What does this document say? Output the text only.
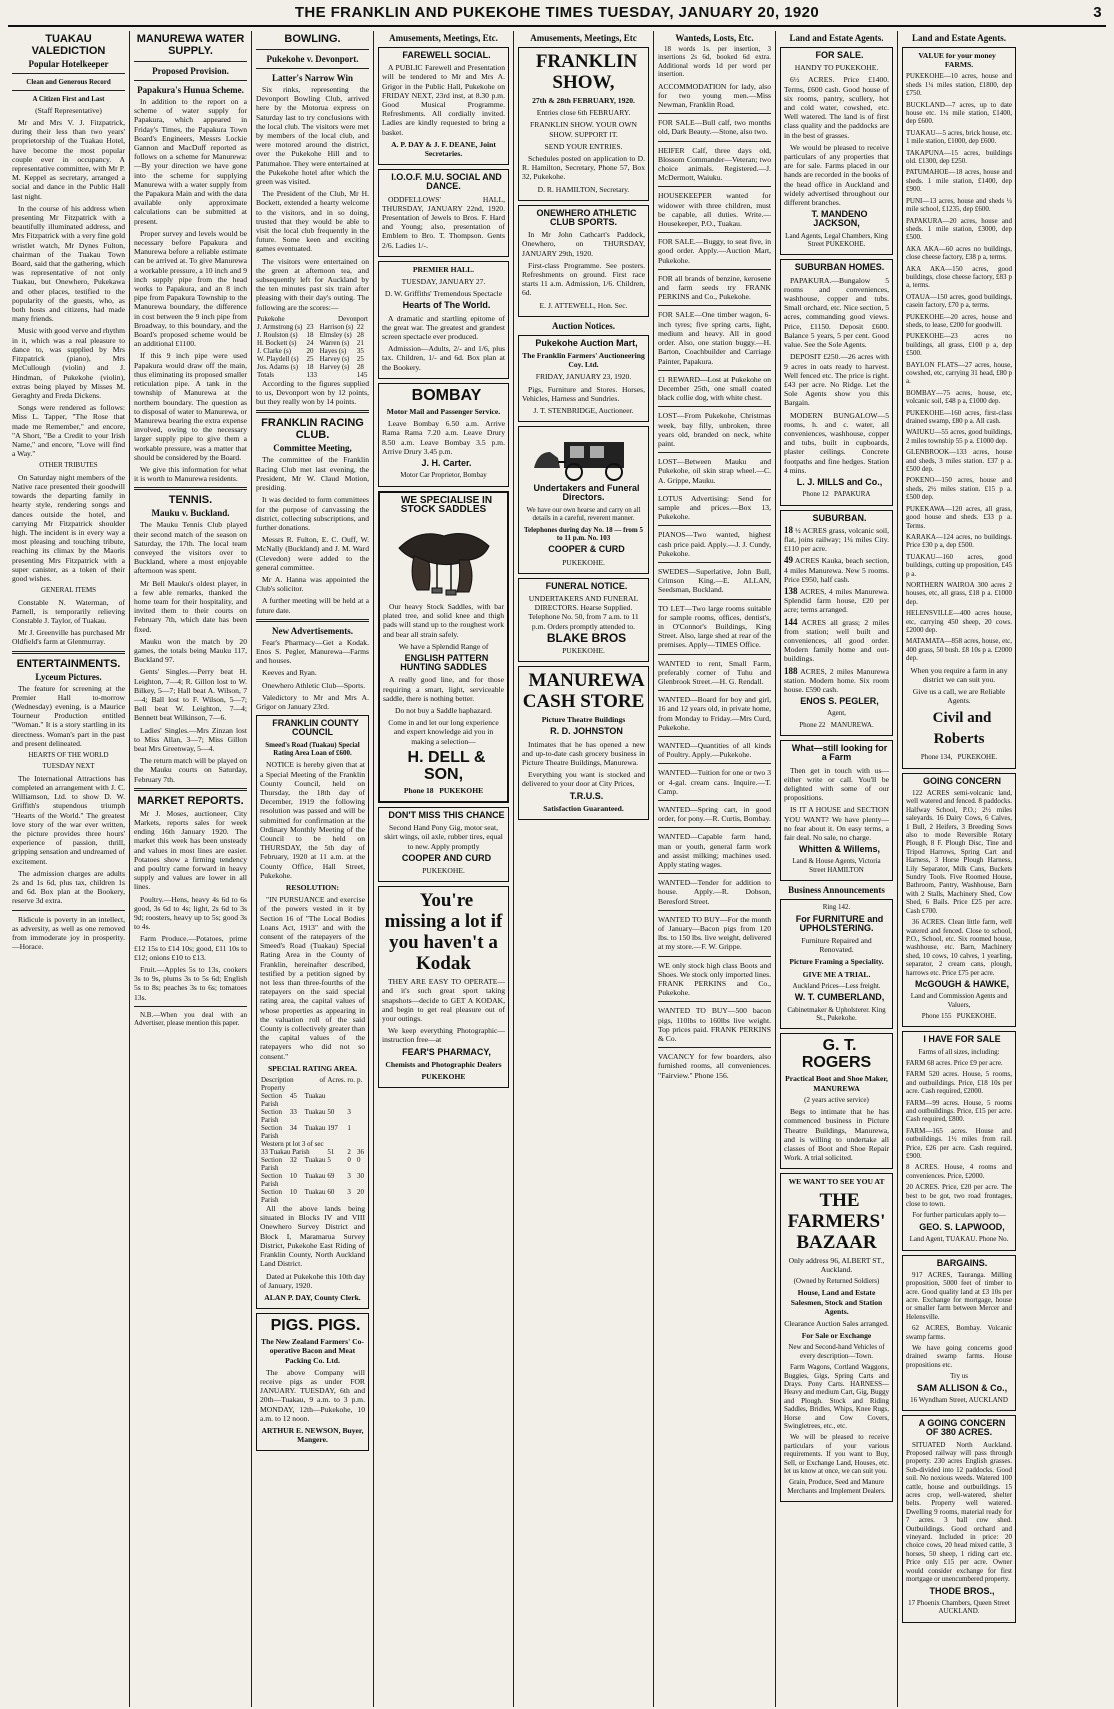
THE FRANKLIN AND PUKEKOHE TIMES TUESDAY, JANUARY 20, 1920	3
TUAKAU VALEDICTION
Popular Hotelkeeper
Clean and Generous Record
A Citizen First and Last

(Staff Representative)

Mr and Mrs V. J. Fitzpatrick, during their less than two years' proprietorship of the Tuakau Hotel, have become the most popular couple ever in occupancy. A representative committee, with Mr P. M. Keppel as secretary, arranged a social and dance in the Public Hall last night.

In the course of his address when presenting Mr Fitzpatrick with a beautifully illuminated address, and Mrs Fitzpatrick with a very fine gold wristlet watch, Mr Dynes Fulton, chairman of the Tuakau Town Board, said that the gathering, which was representative of not only Tuakau, but Onewhero, Pukekawa and other places, testified to the popularity of the guests, who, as both hosts and citizens, had made many friends.

Music with good verve and rhythm in it, which was a real pleasure to dance to, was supplied by Mrs Fitzpatrick (piano), Mrs McCullough (violin) and J. Hindman, of Pukekohe (violin), extras being played by Misses M. Geraghty and Freda Dickens.

Songs were rendered as follows: Miss L. Tapper, "The Rose that made me Remember," and encore, "A Short, "Be a Credit to your Irish Name," and encore, "Love will find a Way."

OTHER TRIBUTES

On Saturday night members of the Native race presented their goodwill towards the departing family in hearty style, rendering songs and dances outside the hotel, and carrying Mr Fitzpatrick shoulder high. The incident is in every way a most pleasing and touching tribute, reaching its climax by the Maoris presenting Mrs Fitzpatrick with a super canister, as a token of their good wishes.

GENERAL ITEMS

Constable N. Waterman, of Parnell, is temporarily relieving Constable J. Taylor, of Tuakau.

Mr J. Greenville has purchased Mr Oldfield's farm at Glenmurray.

ENTERTAINMENTS.
Lyceum Pictures.

The feature for screening at the Premier Hall to-morrow (Wednesday) evening, is a Maurice Tourneur Production entitled "Woman." It is a story startling in its directness. Woman's part in the past and present delineated.

HEARTS OF THE WORLD

TUESDAY NEXT

The International Attractions has completed an arrangement with J. C. Williamson, Ltd. to show D. W. Griffith's stupendous triumph "Hearts of the World." The greatest love story of the war ever written, the picture provides three hours' experience of passion, thrill, gripping sensation and undreamed of excitement.

The admission charges are adults 2s and 1s 6d, plus tax, children 1s and 6d. Box plan at the Bookery, reserve 3d extra.

Ridicule is poverty in an intellect, as adversity, as well as one removed from immoderate joy in prosperity.—Horace.

MANUREWA WATER SUPPLY.
Proposed Provision.
Papakura's Hunua Scheme.

In addition to the report on a scheme of water supply for Papakura, which appeared in Friday's Times, the Papakura Town Board's Engineers, Messrs Lockie Gannon and MacDuff reported as follows on a scheme for Manurewa:—By your direction we have gone into the scheme for supplying Manurewa with a water supply from the Papakura Main and with the data available only approximate calculations can be submitted at present.

Proper survey and levels would be necessary before Papakura and Manurewa before a reliable estimate can be arrived at. To give Manurewa a workable pressure, a 10 inch and 9 inch supply pipe from the head works to Papakura, and an 8 inch pipe from Papakura Township to the Manurewa boundary, the difference in cost between the 9 inch pipe from Broadway, to this boundary, and the Board's proposed scheme would be an additional £1100.

If this 9 inch pipe were used Papakura would draw off the main, thus eliminating its proposed smaller reticulation pipe. A tank in the township of Manurewa at the northern boundary. The question as to disposal of water to Manurewa, or Manurewa bearing the extra expense involved, owing to the necessary larger supply pipe to give them a workable pressure, was a matter that should be considered by the Board.

We give this information for what it is worth to Manurewa residents.

TENNIS.
Mauku v. Buckland.

The Mauku Tennis Club played their second match of the season on Saturday, the 17th. The local team conveyed the visitors over to Buckland, where a most enjoyable afternoon was spent.

Mr Bell Mauku's oldest player, in a few able remarks, thanked the home team for their hospitality, and invited them to their courts on February 7th, which date has been fixed.

Mauku won the match by 20 games, the totals being Mauku 117, Buckland 97.

Gents' Singles.—Perry beat H. Leighton, 7—4; R. Gillon lost to W. Bilkey, 5—7; Hall beat A. Wilson, 7—4; Ball lost to F. Wilson, 5—7; Bell beat W. Leighton, 7—4; Bennett beat Wilkinson, 7—6.

Ladies' Singles.—Mrs Zinzan lost to Miss Allan, 3—7; Miss Gillon beat Mrs Greenway, 5—4.

The return match will be played on the Mauku courts on Saturday, February 7th.

MARKET REPORTS.

Mr J. Moses, auctioneer, City Markets, reports sales for week ending 16th January 1920. The market this week has been unsteady and values in most lines are easier. Potatoes show a firming tendency and poultry came forward in heavy supply and values are lower in all lines.

Poultry.—Hens, heavy 4s 6d to 6s good, 3s 6d to 4s; light, 2s 6d to 3s 9d; roosters, heavy up to 5s; good 3s to 4s.

Farm Produce.—Potatoes, prime £12 15s to £14 10s; good, £11 10s to £12; onions £10 to £13.

Fruit.—Apples 5s to 13s, cookers 3s to 9s, plums 3s to 5s 6d; English 5s to 8s; peaches 3s to 6s; tomatoes 13s.

N.B.—When you deal with an Advertiser, please mention this paper.

BOWLING.
Pukekohe v. Devonport.
Latter's Narrow Win

Six rinks, representing the Devonport Bowling Club, arrived here by the Motorua express on Saturday last to try conclusions with the local club. The visitors were met by members of the local club, and were motored around the district, over the Pukekohe Hill and to Patumahoe. They were entertained at the Pukekohe hotel after which the green was visited.

The President of the Club, Mr H. Bockett, extended a hearty welcome to the visitors, and in so doing, trusted that they would be able to visit the local club frequently in the future. Some keen and exciting games eventuated.

The visitors were entertained on the green at afternoon tea, and subsequently left for Auckland by the ten minutes past six train after pleasing with their day's outing. The following are the scores:—

Pukekohe		Devonport	
J. Armstrong (s)	23	Harrison (s)	22
J. Roulston (s)	18	Elmsley (s)	28
H. Bockett (s)	24	Warren (s)	21
J. Clarke (s)	20	Hayes (s)	35
W. Playdell (s)	25	Harvey (s)	25
Jos. Adams (s)	18	Harvey (s)	28
Totals	133		145

According to the figures supplied to us, Devonport won by 12 points, but they really won by 14 points.

FRANKLIN RACING CLUB.
Committee Meeting,

The committee of the Franklin Racing Club met last evening, the President, Mr W. Claud Motion, presiding.

It was decided to form committees for the purpose of canvassing the district, collecting subscriptions, and further donations.

Messrs R. Fulton, E. C. Ouff, W. McNally (Buckland) and J. M. Ward (Clevedon) were added to the general committee.

Mr A. Hanna was appointed the Club's solicitor.

A further meeting will be held at a future date.

New Advertisements.

Fear's Pharmacy—Get a Kodak. Enos S. Pegler, Manurewa—Farms and houses.

Keeves and Ryan.

Onewhero Athletic Club—Sports.

Valedictory to Mr and Mrs A. Grigor on January 23rd.

FRANKLIN COUNTY COUNCIL

Smeed's Road (Tuakau) Special Rating Area Loan of £600.

NOTICE is hereby given that at a Special Meeting of the Franklin County Council, held on Thursday, the 18th day of December, 1919 the following resolution was passed and will be submitted for confirmation at the Ordinary Monthly Meeting of the Council to be held on THURSDAY, the 5th day of February, 1920 at 11 a.m. at the County Office, Hall Street, Pukekohe.

RESOLUTION:

"IN PURSUANCE and exercise of the powers vested in it by Section 16 of "The Local Bodies Loans Act, 1913" and with the consent of the ratepayers of the Smeed's Road (Tuakau) Special Rating Area in the County of Franklin, hereinafter described, testified by a petition signed by not less than three-fourths of the ratepayers on the said special rating area, the capital values of whose properties as appearing in the valuation roll of the said County is collectively greater than the capital values of the ratepayers who did not so consent."

SPECIAL RATING AREA.

Description of Property	Acres.	ro.	p.
Section 45 Tuakau Parish			
Section 33 Tuakau Parish	50	3	
Section 34 Tuakau Parish	197	1	
Western pt lot 3 of sec			
33 Tuakau Parish	51	2	36
Section 32 Tuakau Parish	5	0	0
Section 10 Tuakau Parish	69	3	30
Section 10 Tuakau Parish	60	3	20

All the above lands being situated in Blocks IV and VIII Onewhero Survey District and Block I, Maramarua Survey District, Pukekohe East Riding of Franklin County, North Auckland Land District.

Dated at Pukekohe this 10th day of January, 1920.

ALAN P. DAY, County Clerk.

PIGS. PIGS.

The New Zealand Farmers' Co-operative Bacon and Meat Packing Co. Ltd.

The above Company will receive pigs as under FOR JANUARY. TUESDAY, 6th and 20th—Tuakau, 9 a.m. to 3 p.m. MONDAY, 12th—Pukekohe, 10 a.m. to 12 noon.

ARTHUR E. NEWSON, Buyer, Mangere.

Amusements, Meetings, Etc.

FAREWELL SOCIAL.

A PUBLIC Farewell and Presentation will be tendered to Mr and Mrs A. Grigor in the Public Hall, Pukekohe on FRIDAY NEXT, 23rd inst, at 8.30 p.m. Good Musical Programme. Refreshments. All cordially invited. Ladies are kindly requested to bring a basket.

A. P. DAY & J. F. DEANE, Joint Secretaries.

I.O.O.F. M.U. SOCIAL AND DANCE.

ODDFELLOWS' HALL, THURSDAY, JANUARY 22nd, 1920. Presentation of Jewels to Bros. F. Hard and Young; also, presentation of Emblem to Bro. T. Thompson. Gents 2/6. Ladies 1/-.

PREMIER HALL.

TUESDAY, JANUARY 27.

D. W. Griffiths' Tremendous Spectacle

Hearts of The World.

A dramatic and startling epitome of the great war. The greatest and grandest screen spectacle ever produced.

Admission—Adults, 2/- and 1/6, plus tax. Children, 1/- and 6d. Box plan at the Bookery.

BOMBAY

Motor Mail and Passenger Service.

Leave Bombay 6.50 a.m. Arrive Rama Rama 7.20 a.m. Leave Drury 8.50 a.m. Leave Bombay 3.5 p.m. Arrive Drury 3.45 p.m.

J. H. Carter.

Motor Car Proprietor, Bombay

WE SPECIALISE IN STOCK SADDLES

Our heavy Stock Saddles, with bar plated tree, and solid knee and thigh pads will stand up to the roughest work and bear all strain safely.

We have a Splendid Range of

ENGLISH PATTERN HUNTING SADDLES

A really good line, and for those requiring a smart, light, serviceable saddle, there is nothing better.

Do not buy a Saddle haphazard.

Come in and let our long experience and expert knowledge aid you in making a selection—

H. DELL & SON,

Phone 18 PUKEKOHE

DON'T MISS THIS CHANCE

Second Hand Pony Gig, motor seat, skirt wings, oil axle, rubber tires, equal to new. Apply promptly

COOPER AND CURD

PUKEKOHE.

You're missing a lot if you haven't a Kodak

THEY ARE EASY TO OPERATE—and it's such great sport taking snapshots—decide to GET A KODAK, and begin to get real pleasure out of your outings.

We keep everything Photographic—instruction free—at

FEAR'S PHARMACY,

Chemists and Photographic Dealers

PUKEKOHE

Amusements, Meetings, Etc

FRANKLIN SHOW,

27th & 28th FEBRUARY, 1920.

Entries close 6th FEBRUARY.

FRANKLIN SHOW. YOUR OWN SHOW. SUPPORT IT.

SEND YOUR ENTRIES.

Schedules posted on application to D. R. Hamilton, Secretary, Phone 57, Box 32, Pukekohe.

D. R. HAMILTON, Secretary.

ONEWHERO ATHLETIC CLUB SPORTS.

In Mr John Cathcart's Paddock, Onewhero, on THURSDAY, JANUARY 29th, 1920.

First-class Programme. See posters. Refreshments on ground. First race starts 11 a.m. Admission, 1/6. Children, 6d.

E. J. ATTEWELL, Hon. Sec.

Auction Notices.

Pukekohe Auction Mart,

The Franklin Farmers' Auctioneering Coy. Ltd.

FRIDAY, JANUARY 23, 1920.

Pigs, Furniture and Stores. Horses, Vehicles, Harness and Sundries.

J. T. STENBRIDGE, Auctioneer.

Undertakers and Funeral Directors.

We have our own hearse and carry on all details in a careful, reverent manner.

Telephones during day No. 18 — from 5 to 11 p.m. No. 103

COOPER & CURD

PUKEKOHE.

FUNERAL NOTICE.

UNDERTAKERS AND FUNERAL DIRECTORS. Hearse Supplied. Telephone No. 50, from 7 a.m. to 11 p.m. Orders promptly attended to.

BLAKE BROS

PUKEKOHE.

MANUREWA CASH STORE

Picture Theatre Buildings

R. D. JOHNSTON

Intimates that he has opened a new and up-to-date cash grocery business in Picture Theatre Buildings, Manurewa.

Everything you want is stocked and delivered to your door at City Prices,

T.R.U.S.

Satisfaction Guaranteed.

Wanteds, Losts, Etc.

18 words 1s. per insertion, 3 insertions 2s 6d, booked 6d extra. Additional words 1d per word per insertion.

ACCOMMODATION for lady, also for two young men.—Miss Newman, Franklin Road.

FOR SALE—Bull calf, two months old, Dark Beauty.—Stone, also two.

HEIFER Calf, three days old, Blossom Commander—Veteran; two choice animals. Registered.—J. McDermott, Waiuku.

HOUSEKEEPER wanted for widower with three children, must be capable, all duties. Write.—Housekeeper, P.O., Tuakau.

FOR SALE.—Buggy, to seat five, in good order. Apply.—Auction Mart, Pukekohe.

FOR all brands of benzine, kerosene and farm seeds try FRANK PERKINS and Co., Pukekohe.

FOR SALE—One timber wagon, 6-inch tyres; five spring carts, light, medium and heavy. All in good order. Also, one station buggy.—H. Barton, Coachbuilder and Carriage Painter, Papakura.

£1 REWARD—Lost at Pukekohe on December 25th, one small coated black collie dog, with white chest.

LOST—From Pukekohe, Christmas week, bay filly, unbroken, three years old, branded on neck, white paint.

LOST—Between Mauku and Pukekohe, oil skin strap wheel.—C. A. Grippe, Mauku.

LOTUS Advertising: Send for sample and prices.—Box 13, Pukekohe.

PIANOS—Two wanted, highest cash price paid. Apply.—J. J. Cundy, Pukekohe.

SWEDES—Superlative, John Bull, Crimson King.—E. ALLAN, Seedsman, Buckland.

TO LET—Two large rooms suitable for sample rooms, offices, dentist's, in O'Connor's Buildings, King Street. Also, large shed at rear of the premises. Apply—TIMES Office.

WANTED to rent, Small Farm, preferably corner of Tuhu and Glenbrook Street.—H. G. Rendall.

WANTED—Board for boy and girl, 16 and 12 years old, in private home, from Monday to Friday.—Mrs Curd, Pukekohe.

WANTED—Quantities of all kinds of Poultry. Apply.—Pukekohe.

WANTED—Tuition for one or two 3 or 4-gal. cream cans. Inquire.—T. Camp.

WANTED—Spring cart, in good order, for pony.—R. Curtis, Bombay.

WANTED—Capable farm hand, man or youth, general farm work and assist milking; machines used. Apply stating wages.

WANTED—Tender for addition to house. Apply.—R. Dobson, Beresford Street.

WANTED TO BUY—For the month of January—Bacon pigs from 120 lbs. to 150 lbs. live weight, delivered at my store.—F. W. Grippe.

WE only stock high class Boots and Shoes. We stock only imported lines. FRANK PERKINS and Co., Pukekohe.

WANTED TO BUY—500 bacon pigs, 110lbs to 160lbs live weight. Top prices paid. FRANK PERKINS & Co.

VACANCY for few boarders, also furnished rooms, all conveniences. "Fairview." Phone 156.

Land and Estate Agents.

FOR SALE.

HANDY TO PUKEKOHE.

6½ ACRES. Price £1400. Terms, £600 cash. Good house of six rooms, pantry, scullery, hot and cold water, cowshed, etc. Well watered. The land is of first class quality and the paddocks are in the best of grasses.

We would be pleased to receive particulars of any properties that are for sale. Farms placed in our hands are recorded in the books of the head office in Auckland and widely advertised throughout our different branches.

T. MANDENO JACKSON,

Land Agents, Legal Chambers, King Street PUKEKOHE.

SUBURBAN HOMES.

PAPAKURA.—Bungalow 5 rooms and conveniences, washhouse, copper and tubs. Small orchard, etc. Nice section, 5 acres, commanding good views. Price, £1150. Deposit £600. Balance 5 years, 5 per cent. Good value. See the Sole Agents.

DEPOSIT £250.—26 acres with 9 acres in oats ready to harvest. Well fenced etc. The price is right. £43 per acre. No Ridge. Let the Sole Agents show you this Bargain.

MODERN BUNGALOW—5 rooms, h. and c. water, all conveniences, washhouse, copper and tubs, built in cupboards, plaster ceilings. Concrete footpaths and fine hedges. Station 4 mins.

L. J. MILLS and Co.,

Phone 12 PAPAKURA

SUBURBAN.

18 ½ ACRES grass, volcanic soil, flat, joins railway; 1¼ miles City. £110 per acre.

49 ACRES Kauka, beach section, 4 miles Manurewa. New 5 rooms. Price £950, half cash.

138 ACRES, 4 miles Manurewa. Splendid farm house, £20 per acre; terms arranged.

144 ACRES all grass; 2 miles from station; well built and conveniences, all good order. Modern family home and out-buildings.

188 ACRES, 2 miles Manurewa station. Modern home. Six room house. £590 cash.

ENOS S. PEGLER,

Agent,

Phone 22 MANUREWA.

What—still looking for a Farm

Then get in touch with us—either write or call. You'll be delighted with some of our propositions.

IS IT A HOUSE and SECTION YOU WANT? We have plenty—no fear about it. On easy terms, a fair deal. No sale, no charge.

Whitten & Willems,

Land & House Agents, Victoria Street HAMILTON

Business Announcements

Ring 142.

For FURNITURE and UPHOLSTERING.

Furniture Repaired and Renovated.

Picture Framing a Speciality.

GIVE ME A TRIAL.

Auckland Prices—Less freight.

W. T. CUMBERLAND,

Cabinetmaker & Upholsterer. King St., Pukekohe.

G. T. ROGERS

Practical Boot and Shoe Maker, MANUREWA

(2 years active service)

Begs to intimate that he has commenced business in Picture Theatre Buildings, Manurewa, and is willing to undertake all classes of Boot and Shoe Repair Work. A trial solicited.

WE WANT TO SEE YOU AT

THE FARMERS' BAZAAR

Only address 96, ALBERT ST., Auckland.

(Owned by Returned Soldiers)

House, Land and Estate Salesmen, Stock and Station Agents.

Clearance Auction Sales arranged.

For Sale or Exchange

New and Second-hand Vehicles of every description—Town.

Farm Wagons, Cortland Waggons, Buggies, Gigs, Spring Carts and Drays. Pony Carts. HARNESS—Heavy and medium Cart, Gig, Buggy and Plough. Stock and Riding Saddles, Bridles, Whips, Knee Rugs, Horse and Cow Covers, Swingletrees, etc., etc.

We will be pleased to receive particulars of your various requirements. If you want to Buy, Sell, or Exchange Land, Houses, etc. let us know at once, we can suit you.

Grain, Produce, Seed and Manure Merchants and Implement Dealers.

Land and Estate Agents.

VALUE for your money   FARMS.

PUKEKOHE—10 acres, house and sheds 1¼ miles station, £1800, dep £750.

BUCKLAND—7 acres, up to date house etc. 1¼ mile station, £1400, dep £600.

TUAKAU—5 acres, brick house, etc. 1 mile station, £1000, dep £600.

TAKAPUNA—15 acres, buildings old. £1300, dep £250.

PATUMAHOE—18 acres, house and sheds. 1 mile station, £1400, dep £900.

PUNI—13 acres, house and sheds ¼ mile school, £1235, dep £600.

PAPAKURA—20 acres, house and sheds. 1 mile station, £3000, dep £500.

AKA AKA—60 acres no buildings, close cheese factory, £38 p a, terms.

AKA AKA—150 acres, good buildings, close cheese factory, £83 p a, terms.

OTAUA—150 acres, good buildings, casein factory, £70 p a, terms.

PUKEKOHE—20 acres, house and sheds, to lease, £200 for goodwill.

PUKEKOHE—23 acres no buildings, all grass, £100 p a, dep £500.

BAYLON FLATS—27 acres, house, cowshed, etc, carrying 31 head, £80 p a.

BOMBAY—75 acres, house, etc, volcanic soil, £48 p a, £1000 dep.

PUKEKOHE—160 acres, first-class drained swamp, £80 p a. All cash.

WAIUKU—55 acres, good buildings, 2 miles township 55 p a. £1000 dep.

GLENBROOK—133 acres, house and sheds, 3 miles station. £37 p a. £500 dep.

POKENO—150 acres, house and sheds, 2½ miles station. £15 p a. £500 dep.

PUKEKAWA—120 acres, all grass, good house and sheds. £33 p a. Terms.

KARAKA—124 acres, no buildings. Price £30 p a, dep £500.

TUAKAU—160 acres, good buildings, cutting up proposition, £45 p a.

NORTHERN WAIROA 300 acres 2 houses, etc, all grass, £18 p a. £1000 dep.

HELENSVILLE—400 acres house, etc, carrying 450 sheep, 20 cows. £2000 dep.

MATAMATA—858 acres, house, etc, 400 grass, 50 bush. £8 10s p a. £2000 dep.

When you require a farm in any district we can suit you.

Give us a call, we are Reliable Agents.

Civil and Roberts

Phone 134, PUKEKOHE.

GOING CONCERN

122 ACRES semi-volcanic land, well watered and fenced. 8 paddocks. Halfway School, P.O.; 2½ miles saleyards. 16 Dairy Cows, 6 Calves, 1 Bull, 2 Heifers, 3 Breeding Sows also to mode Reversible Rotary Plough, 8 F. Plough Disc, Tine and Tripod Harrows, Spring Cart and Harness, 3 Horse Plough Harness, Lily Separator, Milk Cans, Buckets Sundry Tools. Five Roomed House, Bathroom, Pantry, Washhouse, Barn with 2 Stalls, Machinery Shed, Cow Shed, 6 Bails. Price £25 per acre. Cash £700.

36 ACRES. Clean little farm, well watered and fenced. Close to school, P.O., School, etc. Six roomed house, washhouse, etc. Barn, Machinery shed, 10 cows, 10 calves, 1 yearling, separator, 2 cream cans, plough, harrows etc. Price £75 per acre.

McGOUGH & HAWKE,

Land and Commission Agents and Valuers,

Phone 155 PUKEKOHE.

I HAVE FOR SALE

Farms of all sizes, including:

FARM 68 acres. Price £9 per acre.

FARM 520 acres. House, 5 rooms, and outbuildings. Price, £18 10s per acre. Cash required, £2000.

FARM—99 acres. House, 5 rooms and outbuildings. Price, £15 per acre. Cash required, £800.

FARM—165 acres. House and outbuildings. 1½ miles from rail. Price, £26 per acre. Cash required, £900.

8 ACRES. House, 4 rooms and conveniences. Price, £2000.

20 ACRES. Price, £20 per acre. The best to be got, two road frontages, close to town.

For further particulars apply to—

GEO. S. LAPWOOD,

Land Agent, TUAKAU. Phone No.

BARGAINS.

917 ACRES, Tauranga. Milling proposition, 5000 feet of timber to acre. Good quality land at £3 10s per acre. Exchange for mortgage, house or smaller farm between Mercer and Helensville.

62 ACRES, Bombay. Volcanic swamp farms.

We have going concerns good drained swamp farms. House propositions etc.

Try us

SAM ALLISON & Co.,

16 Wyndham Street, AUCKLAND

A GOING CONCERN OF 380 ACRES.

SITUATED North Auckland. Proposed railway will pass through property. 230 acres English grasses. Sub-divided into 12 paddocks. Good soil. No noxious weeds. Watered 100 cattle, house and outbuildings. 15 acres crop, well-watered, shelter belts. Property well watered. Dwelling 9 rooms, material ready for 7 acres. 3 ball cow shed. Outbuildings. Good orchard and vineyard. Included in price: 20 choice cows, 20 head mixed cattle, 3 horses, 50 sheep, 1 riding cart etc. Price only £15 per acre. Owner would consider exchange for first mortgage or unencumbered property.

THODE BROS.,

17 Phoenix Chambers, Queen Street AUCKLAND.
